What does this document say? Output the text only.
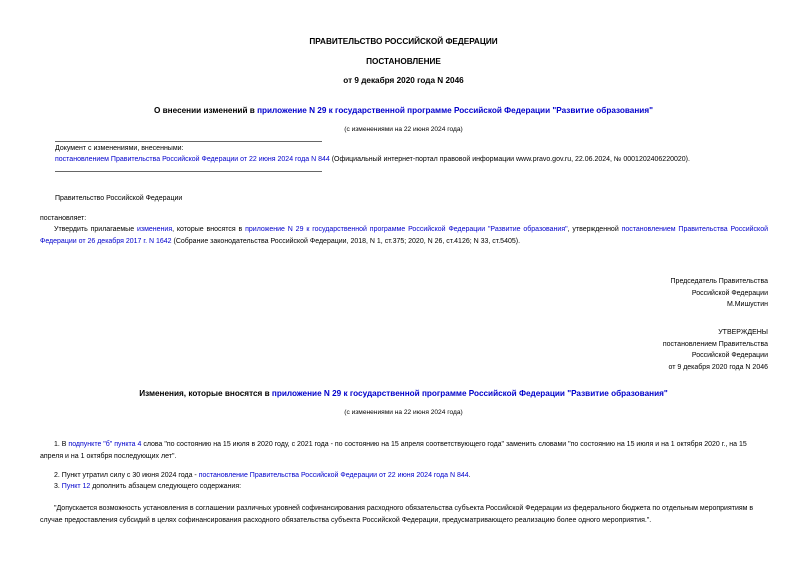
ПРАВИТЕЛЬСТВО РОССИЙСКОЙ ФЕДЕРАЦИИ
ПОСТАНОВЛЕНИЕ
от 9 декабря 2020 года N 2046
О внесении изменений в приложение N 29 к государственной программе Российской Федерации "Развитие образования"
(с изменениями на 22 июня 2024 года)
Документ с изменениями, внесенными:
постановлением Правительства Российской Федерации от 22 июня 2024 года N 844 (Официальный интернет-портал правовой информации www.pravo.gov.ru, 22.06.2024, № 0001202406220020).
Правительство Российской Федерации
постановляет:
Утвердить прилагаемые изменения, которые вносятся в приложение N 29 к государственной программе Российской Федерации "Развитие образования", утвержденной постановлением Правительства Российской Федерации от 26 декабря 2017 г. N 1642 (Собрание законодательства Российской Федерации, 2018, N 1, ст.375; 2020, N 26, ст.4126; N 33, ст.5405).
Председатель Правительства
Российской Федерации
М.Мишустин
УТВЕРЖДЕНЫ
постановлением Правительства
Российской Федерации
от 9 декабря 2020 года N 2046
Изменения, которые вносятся в приложение N 29 к государственной программе Российской Федерации "Развитие образования"
(с изменениями на 22 июня 2024 года)
1. В подпункте "б" пункта 4 слова "по состоянию на 15 июля в 2020 году, с 2021 года - по состоянию на 15 апреля соответствующего года" заменить словами "по состоянию на 15 июля и на 1 октября 2020 г., на 15 апреля и на 1 октября последующих лет".
2. Пункт утратил силу с 30 июня 2024 года - постановление Правительства Российской Федерации от 22 июня 2024 года N 844.
3. Пункт 12 дополнить абзацем следующего содержания:
"Допускается возможность установления в соглашении различных уровней софинансирования расходного обязательства субъекта Российской Федерации из федерального бюджета по отдельным мероприятиям в случае предоставления субсидий в целях софинансирования расходного обязательства субъекта Российской Федерации, предусматривающего реализацию более одного мероприятия.".
